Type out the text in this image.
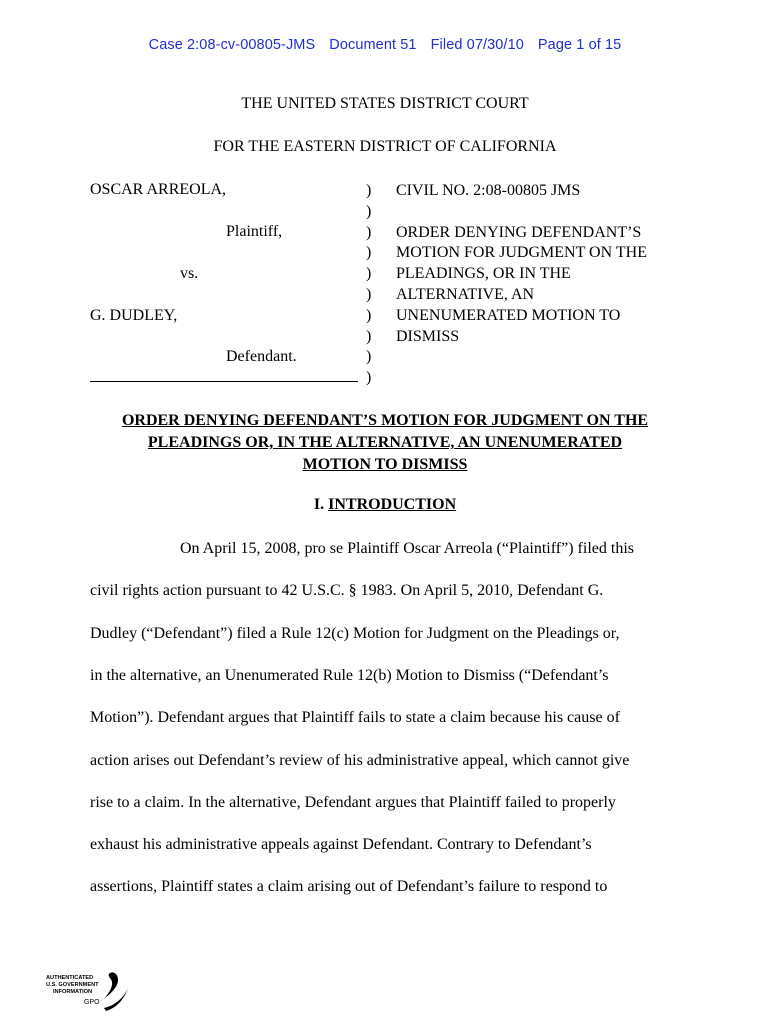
Case 2:08-cv-00805-JMS Document 51 Filed 07/30/10 Page 1 of 15
THE UNITED STATES DISTRICT COURT
FOR THE EASTERN DISTRICT OF CALIFORNIA
OSCAR ARREOLA,
Plaintiff,
vs.
G. DUDLEY,
Defendant.
)
)
)
)
)
)
)
)
)
)
CIVIL NO. 2:08-00805 JMS
ORDER DENYING DEFENDANT’S
MOTION FOR JUDGMENT ON THE
PLEADINGS, OR IN THE
ALTERNATIVE, AN
UNENUMERATED MOTION TO
DISMISS
ORDER DENYING DEFENDANT’S MOTION FOR JUDGMENT ON THE
PLEADINGS OR, IN THE ALTERNATIVE, AN UNENUMERATED
MOTION TO DISMISS
I. INTRODUCTION
On April 15, 2008, pro se Plaintiff Oscar Arreola (“Plaintiff”) filed this
civil rights action pursuant to 42 U.S.C. § 1983. On April 5, 2010, Defendant G.
Dudley (“Defendant”) filed a Rule 12(c) Motion for Judgment on the Pleadings or,
in the alternative, an Unenumerated Rule 12(b) Motion to Dismiss (“Defendant’s
Motion”). Defendant argues that Plaintiff fails to state a claim because his cause of
action arises out Defendant’s review of his administrative appeal, which cannot give
rise to a claim. In the alternative, Defendant argues that Plaintiff failed to properly
exhaust his administrative appeals against Defendant. Contrary to Defendant’s
assertions, Plaintiff states a claim arising out of Defendant’s failure to respond to
AUTHENTICATED
U.S. GOVERNMENT
INFORMATION
GPO
